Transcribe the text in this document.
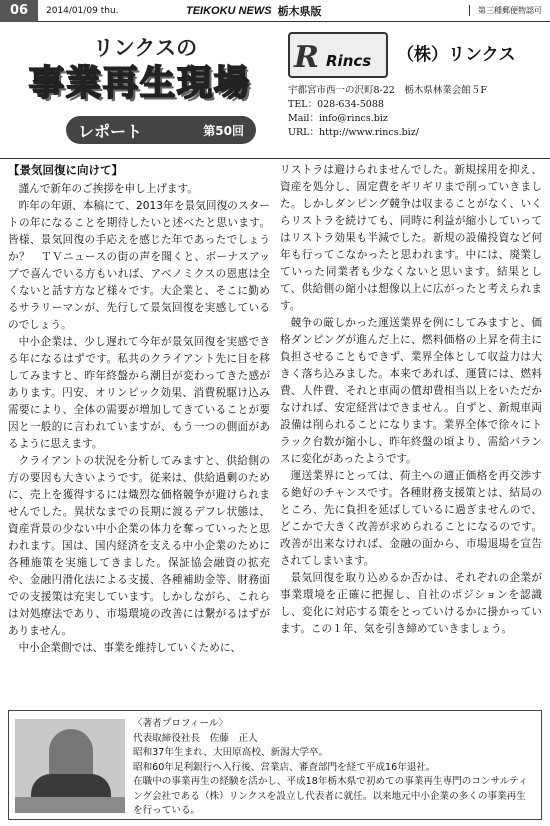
06	2014/01/09 thu.	TEIKOKU NEWS 栃木県版	第三種郵便物認可
リンクスの
事業再生現場
レポート	第50回
R Rincs （株）リンクス
宇都宮市西一の沢町8-22　栃木県林業会館５F
TEL：028-634-5088
Mail：info@rincs.biz
URL：http://www.rincs.biz/
【景気回復に向けて】

謹んで新年のご挨拶を申し上げます。

昨年の年頭、本稿にて、2013年を景気回復のスタートの年になることを期待したいと述べたと思います。皆様、景気回復の手応えを感じた年であったでしょうか？　ＴＶニュースの街の声を聞くと、ボーナスアップで喜んでいる方もいれば、アベノミクスの恩恵は全くないと話す方など様々です。大企業と、そこに勤めるサラリーマンが、先行して景気回復を実感しているのでしょう。

中小企業は、少し遅れて今年が景気回復を実感できる年になるはずです。私共のクライアント先に目を移してみますと、昨年終盤から潮目が変わってきた感があります。円安、オリンピック効果、消費税駆け込み需要により、全体の需要が増加してきていることが要因と一般的に言われていますが、もう一つの側面があるように思えます。

クライアントの状況を分析してみますと、供給側の方の要因も大きいようです。従来は、供給過剰のために、売上を獲得するには熾烈な価格競争が避けられませんでした。異状なまでの長期に渡るデフレ状態は、資産背景の少ない中小企業の体力を奪っていったと思われます。国は、国内経済を支える中小企業のために各種施策を実施してきました。保証協会融資の拡充や、金融円滑化法による支援、各種補助金等、財務面での支援策は充実しています。しかしながら、これらは対処療法であり、市場環境の改善には繋がるはずがありません。

中小企業側では、事業を維持していくために、

リストラは避けられませんでした。新規採用を抑え、資産を処分し、固定費をギリギリまで削っていきました。しかしダンピング競争は収まることがなく、いくらリストラを続けても、同時に利益が縮小していってはリストラ効果も半減でした。新規の設備投資など何年も行ってこなかったと思われます。中には、廃業していった同業者も少なくないと思います。結果として、供給側の縮小は想像以上に広がったと考えられます。

競争の厳しかった運送業界を例にしてみますと、価格ダンピングが進んだ上に、燃料価格の上昇を荷主に負担させることもできず、業界全体として収益力は大きく落ち込みました。本来であれば、運賃には、燃料費、人件費、それと車両の償却費相当以上をいただかなければ、安定経営はできません。自ずと、新規車両設備は削られることになります。業界全体で徐々にトラック台数が縮小し、昨年終盤の頃より、需給バランスに変化があったようです。

運送業界にとっては、荷主への適正価格を再交渉する絶好のチャンスです。各種財務支援策とは、結局のところ、先に負担を延ばしているに過ぎませんので、どこかで大きく改善が求められることになるのです。改善が出来なければ、金融の面から、市場退場を宣告されてしまいます。

景気回復を取り込めるか否かは、それぞれの企業が事業環境を正確に把握し、自社のポジションを認識し、変化に対応する策をとっていけるかに掛かっています。この１年、気を引き締めていきましょう。

〈著者プロフィール〉
代表取締役社長　佐藤　正人
昭和37年生まれ、大田原高校、新潟大学卒。
昭和60年足利銀行へ入行後、営業店、審査部門を経て平成16年退社。
在職中の事業再生の経験を活かし、平成18年栃木県で初めての事業再生専門のコンサルティング会社である（株）リンクスを設立し代表者に就任。以来地元中小企業の多くの事業再生を行っている。
